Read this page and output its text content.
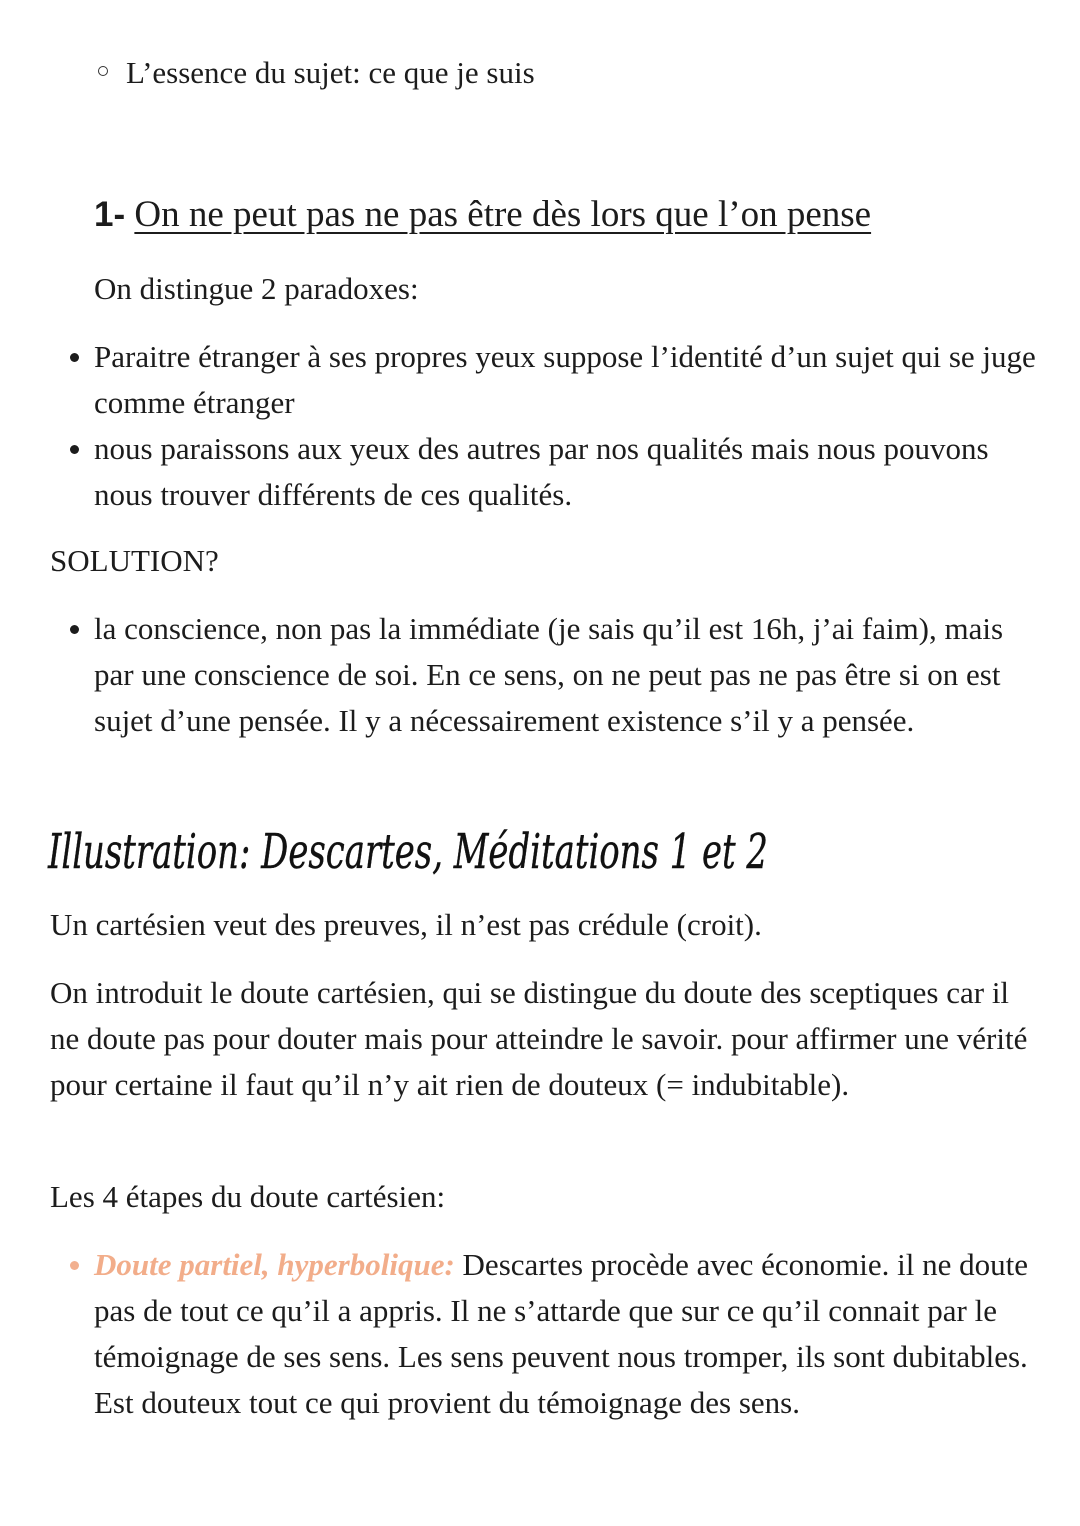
L’essence du sujet: ce que je suis

1- On ne peut pas ne pas être dès lors que l’on pense

On distingue 2 paradoxes:

Paraitre étranger à ses propres yeux suppose l’identité d’un sujet qui se juge comme étranger
nous paraissons aux yeux des autres par nos qualités mais nous pouvons nous trouver différents de ces qualités.

SOLUTION?

la conscience, non pas la immédiate (je sais qu’il est 16h, j’ai faim), mais par une conscience de soi. En ce sens, on ne peut pas ne pas être si on est sujet d’une pensée. Il y a nécessairement existence s’il y a pensée.
Illustration: Descartes, Méditations 1 et 2

Un cartésien veut des preuves, il n’est pas crédule (croit).

On introduit le doute cartésien, qui se distingue du doute des sceptiques car il ne doute pas pour douter mais pour atteindre le savoir. pour affirmer une vérité pour certaine il faut qu’il n’y ait rien de douteux (= indubitable).

Les 4 étapes du doute cartésien:

Doute partiel, hyperbolique: Descartes procède avec économie. il ne doute pas de tout ce qu’il a appris. Il ne s’attarde que sur ce qu’il connait par le témoignage de ses sens. Les sens peuvent nous tromper, ils sont dubitables. Est douteux tout ce qui provient du témoignage des sens.
